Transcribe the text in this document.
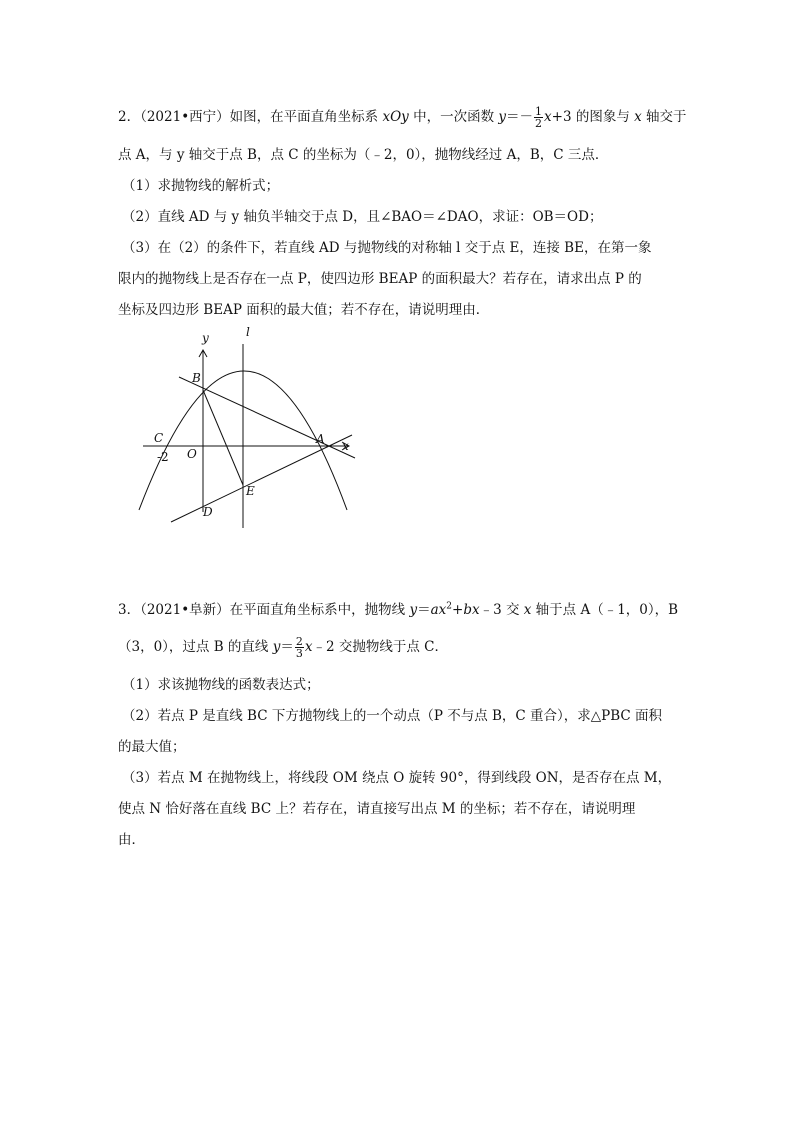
2．（2021•西宁）如图，在平面直角坐标系 xOy 中，一次函数 $y=- \frac{1}{2} x+3$ 的图象与 x 轴交于
点 A，与 y 轴交于点 B，点 C 的坐标为（﹣2，0），抛物线经过 A，B，C 三点．
（1）求抛物线的解析式；
（2）直线 AD 与 y 轴负半轴交于点 D，且∠BAO＝∠DAO，求证：OB＝OD；
（3）在（2）的条件下，若直线 AD 与抛物线的对称轴 l 交于点 E，连接 BE，在第一象
限内的抛物线上是否存在一点 P，使四边形 BEAP 的面积最大？若存在，请求出点 P 的
坐标及四边形 BEAP 面积的最大值；若不存在，请说明理由．
y	l
B
C
-2 O
A x
E
D
3．（2021•阜新）在平面直角坐标系中，抛物线 $y=ax^2+bx﹣3$ 交 x 轴于点 A（﹣1，0），B
（3，0），过点 B 的直线 $y= \frac{2}{3}$ x﹣2 交抛物线于点 C．
（1）求该抛物线的函数表达式；
（2）若点 P 是直线 BC 下方抛物线上的一个动点（P 不与点 B，C 重合），求△PBC 面积
的最大值；
（3）若点 M 在抛物线上，将线段 OM 绕点 O 旋转 90°，得到线段 ON，是否存在点 M，
使点 N 恰好落在直线 BC 上？若存在，请直接写出点 M 的坐标；若不存在，请说明理
由．
